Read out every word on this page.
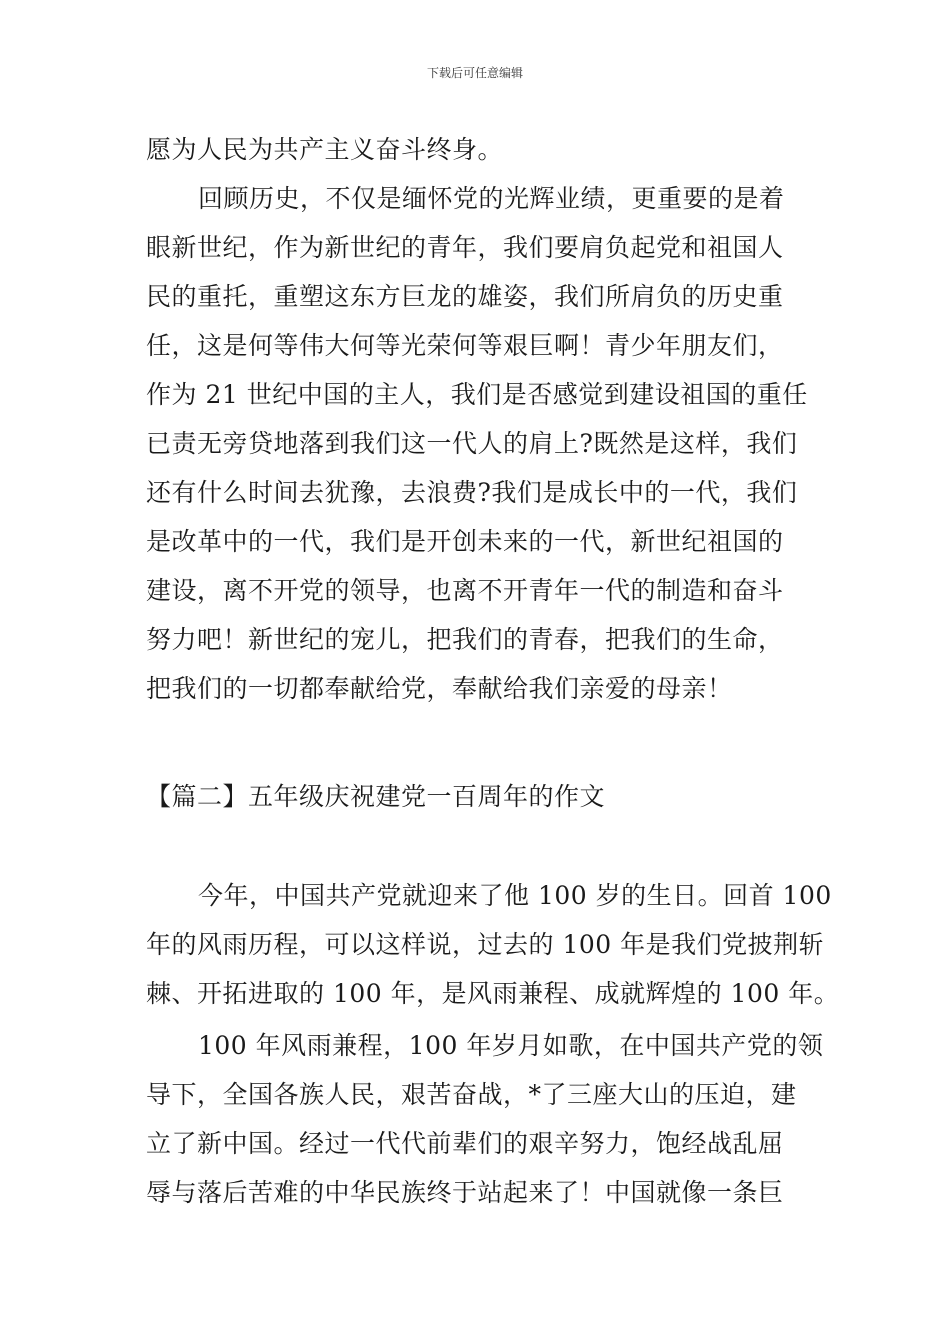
下载后可任意编辑
愿为人民为共产主义奋斗终身。
回顾历史，不仅是缅怀党的光辉业绩，更重要的是着
眼新世纪，作为新世纪的青年，我们要肩负起党和祖国人
民的重托，重塑这东方巨龙的雄姿，我们所肩负的历史重
任，这是何等伟大何等光荣何等艰巨啊！青少年朋友们，
作为 21 世纪中国的主人，我们是否感觉到建设祖国的重任
已责无旁贷地落到我们这一代人的肩上?既然是这样，我们
还有什么时间去犹豫，去浪费?我们是成长中的一代，我们
是改革中的一代，我们是开创未来的一代，新世纪祖国的
建设，离不开党的领导，也离不开青年一代的制造和奋斗
努力吧！新世纪的宠儿，把我们的青春，把我们的生命，
把我们的一切都奉献给党，奉献给我们亲爱的母亲！
【篇二】五年级庆祝建党一百周年的作文
今年，中国共产党就迎来了他 100 岁的生日。回首 100
年的风雨历程，可以这样说，过去的 100 年是我们党披荆斩
棘、开拓进取的 100 年，是风雨兼程、成就辉煌的 100 年。
100 年风雨兼程，100 年岁月如歌，在中国共产党的领
导下，全国各族人民，艰苦奋战，*了三座大山的压迫，建
立了新中国。经过一代代前辈们的艰辛努力，饱经战乱屈
辱与落后苦难的中华民族终于站起来了！中国就像一条巨
